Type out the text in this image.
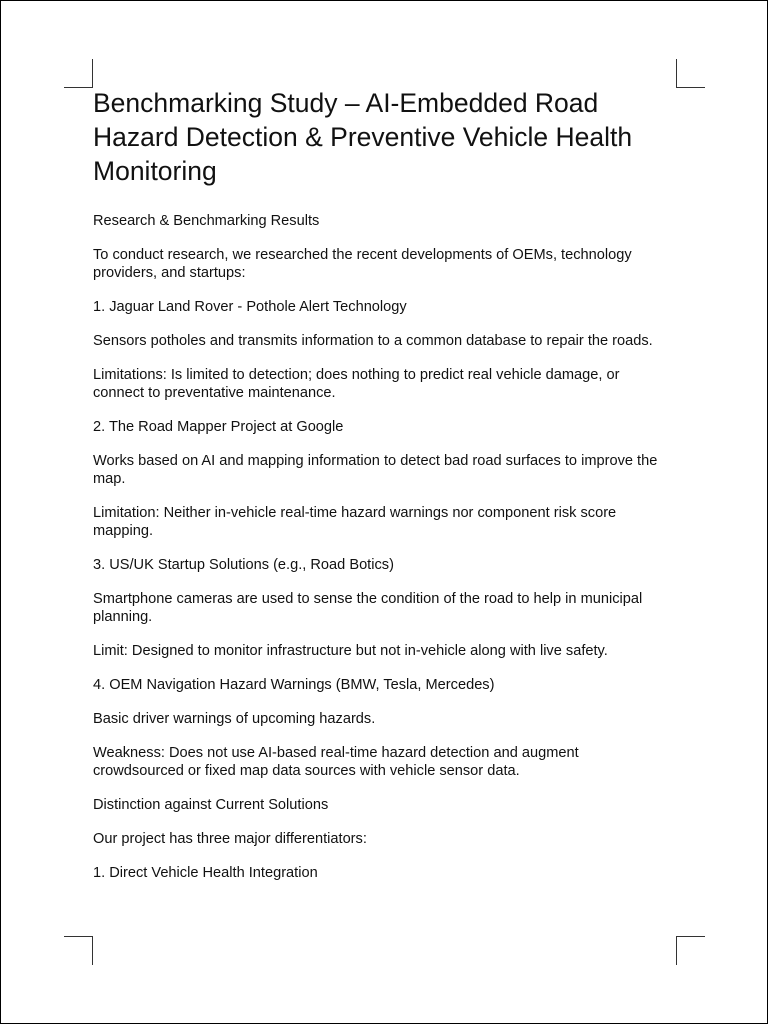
Benchmarking Study – AI-Embedded Road Hazard Detection & Preventive Vehicle Health Monitoring

Research & Benchmarking Results

To conduct research, we researched the recent developments of OEMs, technology providers, and startups:

1. Jaguar Land Rover - Pothole Alert Technology

Sensors potholes and transmits information to a common database to repair the roads.

Limitations: Is limited to detection; does nothing to predict real vehicle damage, or connect to preventative maintenance.

2. The Road Mapper Project at Google

Works based on AI and mapping information to detect bad road surfaces to improve the map.

Limitation: Neither in-vehicle real-time hazard warnings nor component risk score mapping.

3. US/UK Startup Solutions (e.g., Road Botics)

Smartphone cameras are used to sense the condition of the road to help in municipal planning.

Limit: Designed to monitor infrastructure but not in-vehicle along with live safety.

4. OEM Navigation Hazard Warnings (BMW, Tesla, Mercedes)

Basic driver warnings of upcoming hazards.

Weakness: Does not use AI-based real-time hazard detection and augment crowdsourced or fixed map data sources with vehicle sensor data.

Distinction against Current Solutions

Our project has three major differentiators:

1. Direct Vehicle Health Integration
